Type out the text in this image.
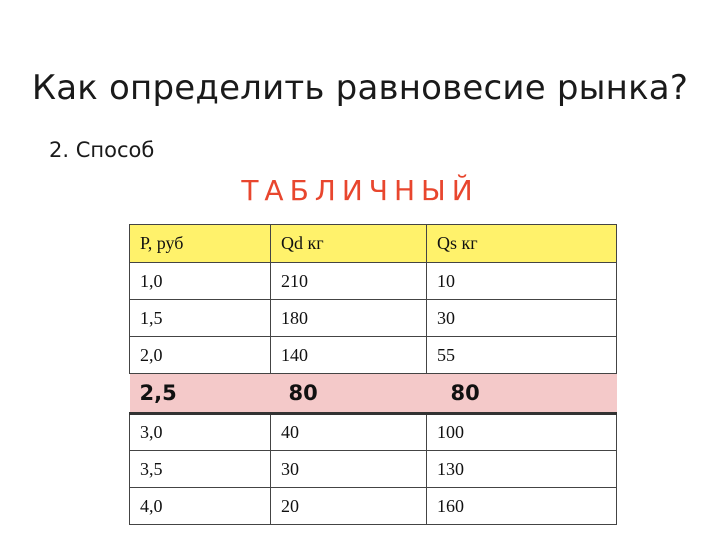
Как определить равновесие рынка?
2. Способ
ТАБЛИЧНЫЙ
Р, руб	Qd кг	Qs кг
1,0	210	10
1,5	180	30
2,0	140	55
2,5	80	80
3,0	40	100
3,5	30	130
4,0	20	160
